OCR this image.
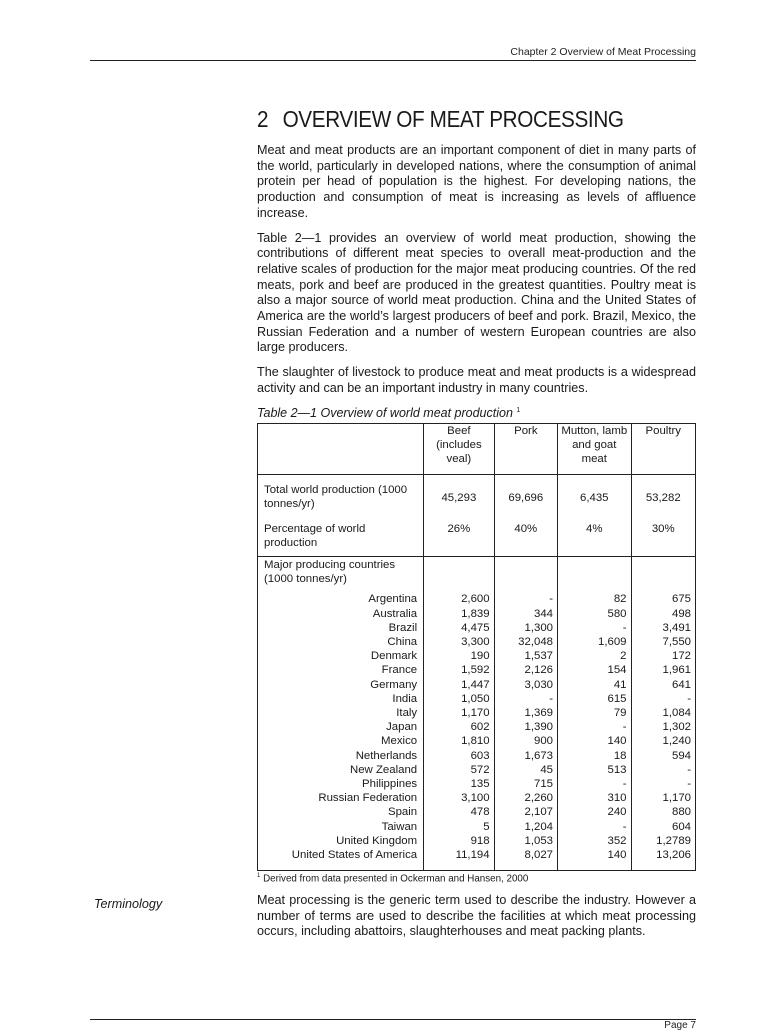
Chapter 2 Overview of Meat Processing
2 OVERVIEW OF MEAT PROCESSING

Meat and meat products are an important component of diet in many parts of the world, particularly in developed nations, where the consumption of animal protein per head of population is the highest. For developing nations, the production and consumption of meat is increasing as levels of affluence increase.

Table 2—1 provides an overview of world meat production, showing the contributions of different meat species to overall meat-production and the relative scales of production for the major meat producing countries. Of the red meats, pork and beef are produced in the greatest quantities. Poultry meat is also a major source of world meat production. China and the United States of America are the world’s largest producers of beef and pork. Brazil, Mexico, the Russian Federation and a number of western European countries are also large producers.

The slaughter of livestock to produce meat and meat products is a widespread activity and can be an important industry in many countries.

Table 2—1 Overview of world meat production $^1$
	Beef (includes veal)	Pork	Mutton, lamb and goat meat	Poultry
Total world production (1000 tonnes/yr)	45,293	69,696	6,435	53,282
Percentage of world production	26%	40%	4%	30%
Major producing countries (1000 tonnes/yr)				
Argentina	2,600	-	82	675
Australia	1,839	344	580	498
Brazil	4,475	1,300	-	3,491
China	3,300	32,048	1,609	7,550
Denmark	190	1,537	2	172
France	1,592	2,126	154	1,961
Germany	1,447	3,030	41	641
India	1,050	-	615	-
Italy	1,170	1,369	79	1,084
Japan	602	1,390	-	1,302
Mexico	1,810	900	140	1,240
Netherlands	603	1,673	18	594
New Zealand	572	45	513	-
Philippines	135	715	-	-
Russian Federation	3,100	2,260	310	1,170
Spain	478	2,107	240	880
Taiwan	5	1,204	-	604
United Kingdom	918	1,053	352	1,2789
United States of America	11,194	8,027	140	13,206
$^1$ Derived from data presented in Ockerman and Hansen, 2000
Terminology	Meat processing is the generic term used to describe the industry. However a number of terms are used to describe the facilities at which meat processing occurs, including abattoirs, slaughterhouses and meat packing plants.

Page 7
